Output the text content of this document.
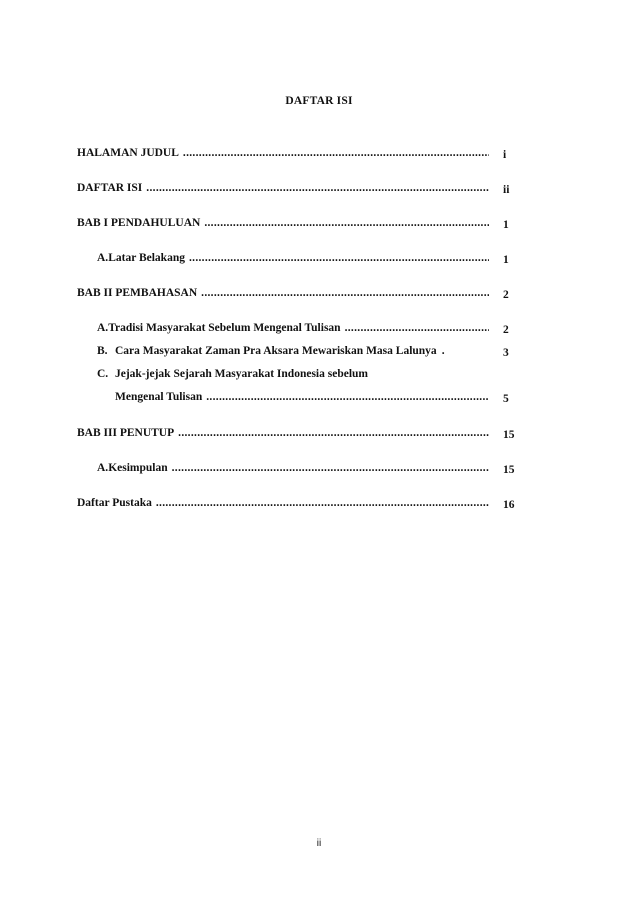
DAFTAR ISI
HALAMAN JUDUL .....	i
DAFTAR ISI .....	ii
BAB I PENDAHULUAN .....	1
A. Latar Belakang .....	1
BAB II PEMBAHASAN .....	2
A. Tradisi Masyarakat Sebelum Mengenal Tulisan .....	2
B. Cara Masyarakat Zaman Pra Aksara Mewariskan Masa Lalunya .	3
C. Jejak-jejak Sejarah Masyarakat Indonesia sebelum
Mengenal Tulisan .....	5
BAB III PENUTUP .....	15
A. Kesimpulan .....	15
Daftar Pustaka .....	16
ii
